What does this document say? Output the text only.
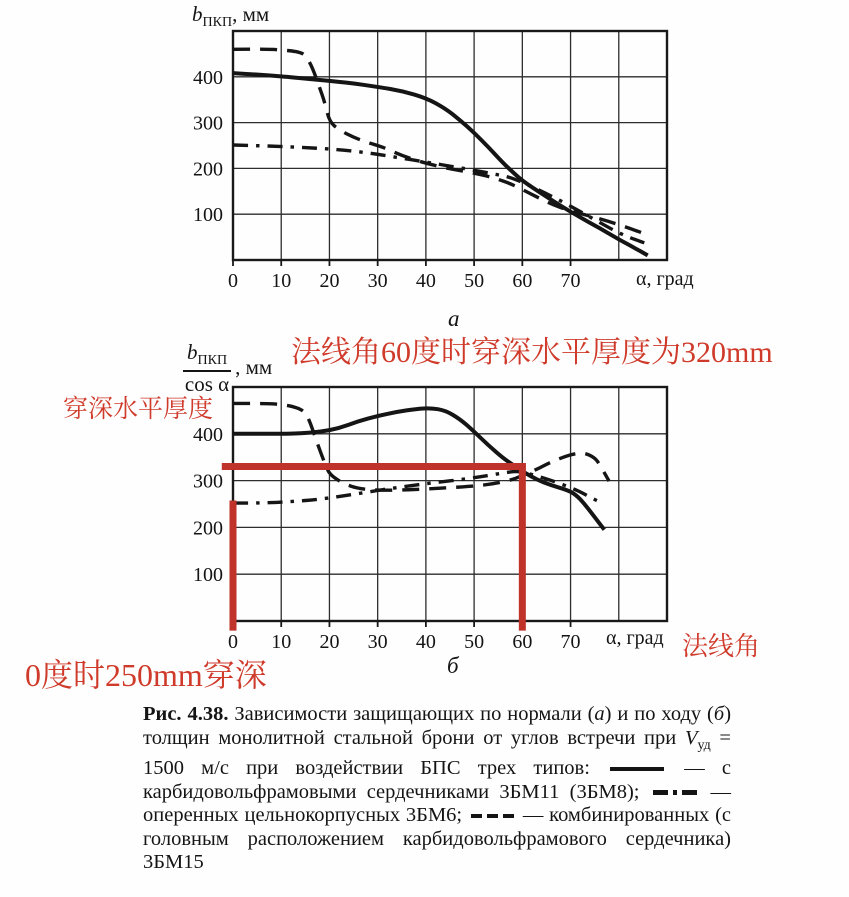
0 10 20 30 40 50 60 70
100
200
300
400
0 10 20 30 40 50 60 70
100
200
300
400
$b_{ПКП}$, мм
α, град
а
$\frac{b_{ПКП}}{\text{cos α}}$ , мм
α, град
б
法线角60度时穿深水平厚度为320mm
穿深水平厚度
法线角
0度时250mm穿深

Рис. 4.38. Зависимости защищающих по нормали (а) и по ходу (б) толщин монолитной стальной брони от углов встречи при $V_{уд} = 1500$ м/с при воздействии БПС трех типов:	— с карбидовольфрамовыми сердечниками 3БМ11 (3БМ8);
— оперенных цельнокорпусных 3БМ6;
— комбинированных (с головным расположением карбидовольфрамового сердечника) 3БМ15
